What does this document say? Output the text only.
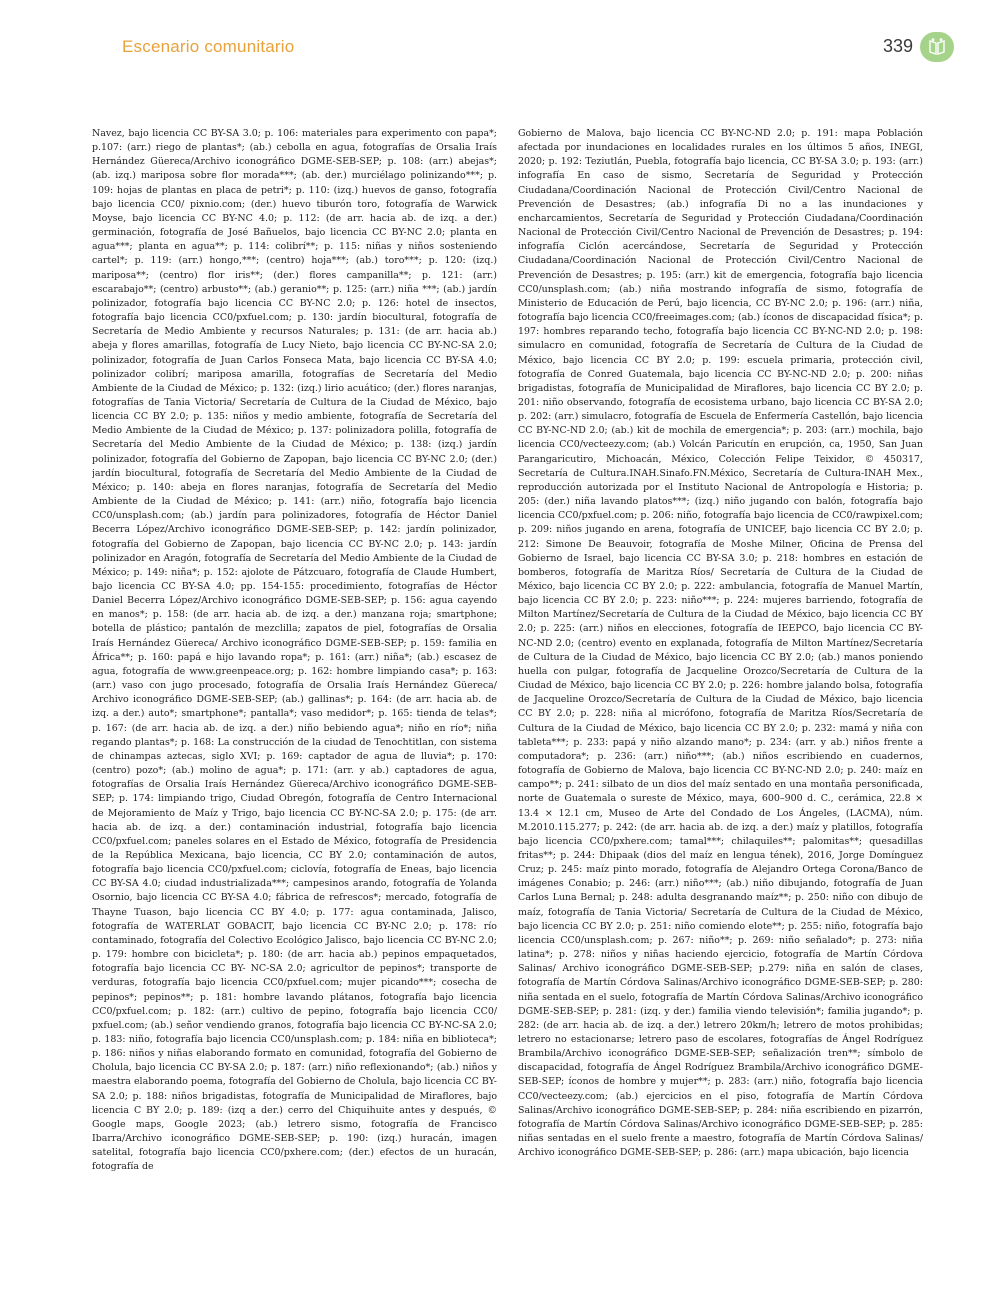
Escenario comunitario	339

Navez, bajo licencia CC BY-SA 3.0; p. 106: materiales para experimento con papa*; p.107: (arr.) riego de plantas*; (ab.) cebolla en agua, fotografías de Orsalia Iraís Hernández Güereca/Archivo iconográfico DGME-SEB-SEP; p. 108: (arr.) abejas*; (ab. izq.) mariposa sobre flor morada***; (ab. der.) murciélago polinizando***; p. 109: hojas de plantas en placa de petri*; p. 110: (izq.) huevos de ganso, fotografía bajo licencia CC0/ pixnio.com; (der.) huevo tiburón toro, fotografía de Warwick Moyse, bajo licencia CC BY-NC 4.0; p. 112: (de arr. hacia ab. de izq. a der.) germinación, fotografía de José Bañuelos, bajo licencia CC BY-NC 2.0; planta en agua***; planta en agua**; p. 114: colibrí**; p. 115: niñas y niños sosteniendo cartel*; p. 119: (arr.) hongo,***; (centro) hoja***; (ab.) toro***; p. 120: (izq.) mariposa**; (centro) flor iris**; (der.) flores campanilla**; p. 121: (arr.) escarabajo**; (centro) arbusto**; (ab.) geranio**; p. 125: (arr.) niña ***; (ab.) jardín polinizador, fotografía bajo licencia CC BY-NC 2.0; p. 126: hotel de insectos, fotografía bajo licencia CC0/pxfuel.com; p. 130: jardín biocultural, fotografía de Secretaría de Medio Ambiente y recursos Naturales; p. 131: (de arr. hacia ab.) abeja y flores amarillas, fotografía de Lucy Nieto, bajo licencia CC BY-NC-SA 2.0; polinizador, fotografía de Juan Carlos Fonseca Mata, bajo licencia CC BY-SA 4.0; polinizador colibrí; mariposa amarilla, fotografías de Secretaría del Medio Ambiente de la Ciudad de México; p. 132: (izq.) lirio acuático; (der.) flores naranjas, fotografías de Tania Victoria/ Secretaría de Cultura de la Ciudad de México, bajo licencia CC BY 2.0; p. 135: niños y medio ambiente, fotografía de Secretaría del Medio Ambiente de la Ciudad de México; p. 137: polinizadora polilla, fotografía de Secretaría del Medio Ambiente de la Ciudad de México; p. 138: (izq.) jardín polinizador, fotografía del Gobierno de Zapopan, bajo licencia CC BY-NC 2.0; (der.) jardín biocultural, fotografía de Secretaría del Medio Ambiente de la Ciudad de México; p. 140: abeja en flores naranjas, fotografía de Secretaría del Medio Ambiente de la Ciudad de México; p. 141: (arr.) niño, fotografía bajo licencia CC0/unsplash.com; (ab.) jardín para polinizadores, fotografía de Héctor Daniel Becerra López/Archivo iconográfico DGME-SEB-SEP; p. 142: jardín polinizador, fotografía del Gobierno de Zapopan, bajo licencia CC BY-NC 2.0; p. 143: jardín polinizador en Aragón, fotografía de Secretaría del Medio Ambiente de la Ciudad de México; p. 149: niña*; p. 152: ajolote de Pátzcuaro, fotografía de Claude Humbert, bajo licencia CC BY-SA 4.0; pp. 154-155: procedimiento, fotografías de Héctor Daniel Becerra López/Archivo iconográfico DGME-SEB-SEP; p. 156: agua cayendo en manos*; p. 158: (de arr. hacia ab. de izq. a der.) manzana roja; smartphone; botella de plástico; pantalón de mezclilla; zapatos de piel, fotografías de Orsalia Iraís Hernández Güereca/ Archivo iconográfico DGME-SEB-SEP; p. 159: familia en África**; p. 160: papá e hijo lavando ropa*; p. 161: (arr.) niña*; (ab.) escasez de agua, fotografía de www.greenpeace.org; p. 162: hombre limpiando casa*; p. 163: (arr.) vaso con jugo procesado, fotografía de Orsalia Iraís Hernández Güereca/ Archivo iconográfico DGME-SEB-SEP; (ab.) gallinas*; p. 164: (de arr. hacia ab. de izq. a der.) auto*; smartphone*; pantalla*; vaso medidor*; p. 165: tienda de telas*; p. 167: (de arr. hacia ab. de izq. a der.) niño bebiendo agua*; niño en río*; niña regando plantas*; p. 168: La construcción de la ciudad de Tenochtitlan, con sistema de chinampas aztecas, siglo XVI; p. 169: captador de agua de lluvia*; p. 170: (centro) pozo*; (ab.) molino de agua*; p. 171: (arr. y ab.) captadores de agua, fotografías de Orsalia Iraís Hernández Güereca/Archivo iconográfico DGME-SEB-SEP; p. 174: limpiando trigo, Ciudad Obregón, fotografía de Centro Internacional de Mejoramiento de Maíz y Trigo, bajo licencia CC BY-NC-SA 2.0; p. 175: (de arr. hacia ab. de izq. a der.) contaminación industrial, fotografía bajo licencia CC0/pxfuel.com; paneles solares en el Estado de México, fotografía de Presidencia de la República Mexicana, bajo licencia, CC BY 2.0; contaminación de autos, fotografía bajo licencia CC0/pxfuel.com; ciclovía, fotografía de Eneas, bajo licencia CC BY-SA 4.0; ciudad industrializada***; campesinos arando, fotografía de Yolanda Osornio, bajo licencia CC BY-SA 4.0; fábrica de refrescos*; mercado, fotografía de Thayne Tuason, bajo licencia CC BY 4.0; p. 177: agua contaminada, Jalisco, fotografía de WATERLAT GOBACIT, bajo licencia CC BY-NC 2.0; p. 178: río contaminado, fotografía del Colectivo Ecológico Jalisco, bajo licencia CC BY-NC 2.0; p. 179: hombre con bicicleta*; p. 180: (de arr. hacia ab.) pepinos empaquetados, fotografía bajo licencia CC BY- NC-SA 2.0; agricultor de pepinos*; transporte de verduras, fotografía bajo licencia CC0/pxfuel.com; mujer picando***; cosecha de pepinos*; pepinos**; p. 181: hombre lavando plátanos, fotografía bajo licencia CC0/pxfuel.com; p. 182: (arr.) cultivo de pepino, fotografía bajo licencia CC0/ pxfuel.com; (ab.) señor vendiendo granos, fotografía bajo licencia CC BY-NC-SA 2.0; p. 183: niño, fotografía bajo licencia CC0/unsplash.com; p. 184: niña en biblioteca*; p. 186: niños y niñas elaborando formato en comunidad, fotografía del Gobierno de Cholula, bajo licencia CC BY-SA 2.0; p. 187: (arr.) niño reflexionando*; (ab.) niños y maestra elaborando poema, fotografía del Gobierno de Cholula, bajo licencia CC BY-SA 2.0; p. 188: niños brigadistas, fotografía de Municipalidad de Miraflores, bajo licencia C BY 2.0; p. 189: (izq a der.) cerro del Chiquihuite antes y después, © Google maps, Google 2023; (ab.) letrero sismo, fotografía de Francisco Ibarra/Archivo iconográfico DGME-SEB-SEP; p. 190: (izq.) huracán, imagen satelital, fotografía bajo licencia CC0/pxhere.com; (der.) efectos de un huracán, fotografía de

Gobierno de Malova, bajo licencia CC BY-NC-ND 2.0; p. 191: mapa Población afectada por inundaciones en localidades rurales en los últimos 5 años, INEGI, 2020; p. 192: Teziutlán, Puebla, fotografía bajo licencia, CC BY-SA 3.0; p. 193: (arr.) infografía En caso de sismo, Secretaría de Seguridad y Protección Ciudadana/Coordinación Nacional de Protección Civil/Centro Nacional de Prevención de Desastres; (ab.) infografía Di no a las inundaciones y encharcamientos, Secretaría de Seguridad y Protección Ciudadana/Coordinación Nacional de Protección Civil/Centro Nacional de Prevención de Desastres; p. 194: infografía Ciclón acercándose, Secretaría de Seguridad y Protección Ciudadana/Coordinación Nacional de Protección Civil/Centro Nacional de Prevención de Desastres; p. 195: (arr.) kit de emergencia, fotografía bajo licencia CC0/unsplash.com; (ab.) niña mostrando infografía de sismo, fotografía de Ministerio de Educación de Perú, bajo licencia, CC BY-NC 2.0; p. 196: (arr.) niña, fotografía bajo licencia CC0/freeimages.com; (ab.) íconos de discapacidad física*; p. 197: hombres reparando techo, fotografía bajo licencia CC BY-NC-ND 2.0; p. 198: simulacro en comunidad, fotografía de Secretaría de Cultura de la Ciudad de México, bajo licencia CC BY 2.0; p. 199: escuela primaria, protección civil, fotografía de Conred Guatemala, bajo licencia CC BY-NC-ND 2.0; p. 200: niñas brigadistas, fotografía de Municipalidad de Miraflores, bajo licencia CC BY 2.0; p. 201: niño observando, fotografía de ecosistema urbano, bajo licencia CC BY-SA 2.0; p. 202: (arr.) simulacro, fotografía de Escuela de Enfermería Castellón, bajo licencia CC BY-NC-ND 2.0; (ab.) kit de mochila de emergencia*; p. 203: (arr.) mochila, bajo licencia CC0/vecteezy.com; (ab.) Volcán Paricutín en erupción, ca, 1950, San Juan Parangaricutiro, Michoacán, México, Colección Felipe Teixidor, © 450317, Secretaría de Cultura.INAH.Sinafo.FN.México, Secretaría de Cultura-INAH Mex., reproducción autorizada por el Instituto Nacional de Antropología e Historia; p. 205: (der.) niña lavando platos***; (izq.) niño jugando con balón, fotografía bajo licencia CC0/pxfuel.com; p. 206: niño, fotografía bajo licencia de CC0/rawpixel.com; p. 209: niños jugando en arena, fotografía de UNICEF, bajo licencia CC BY 2.0; p. 212: Simone De Beauvoir, fotografía de Moshe Milner, Oficina de Prensa del Gobierno de Israel, bajo licencia CC BY-SA 3.0; p. 218: hombres en estación de bomberos, fotografía de Maritza Ríos/ Secretaría de Cultura de la Ciudad de México, bajo licencia CC BY 2.0; p. 222: ambulancia, fotografía de Manuel Martín, bajo licencia CC BY 2.0; p. 223: niño***; p. 224: mujeres barriendo, fotografía de Milton Martínez/Secretaría de Cultura de la Ciudad de México, bajo licencia CC BY 2.0; p. 225: (arr.) niños en elecciones, fotografía de IEEPCO, bajo licencia CC BY-NC-ND 2.0; (centro) evento en explanada, fotografía de Milton Martínez/Secretaría de Cultura de la Ciudad de México, bajo licencia CC BY 2.0; (ab.) manos poniendo huella con pulgar, fotografía de Jacqueline Orozco/Secretaría de Cultura de la Ciudad de México, bajo licencia CC BY 2.0; p. 226: hombre jalando bolsa, fotografía de Jacqueline Orozco/Secretaría de Cultura de la Ciudad de México, bajo licencia CC BY 2.0; p. 228: niña al micrófono, fotografía de Maritza Ríos/Secretaría de Cultura de la Ciudad de México, bajo licencia CC BY 2.0; p. 232: mamá y niña con tableta***; p. 233: papá y niño alzando mano*; p. 234: (arr. y ab.) niños frente a computadora*; p. 236: (arr.) niño***; (ab.) niños escribiendo en cuadernos, fotografía de Gobierno de Malova, bajo licencia CC BY-NC-ND 2.0; p. 240: maíz en campo**; p. 241: silbato de un dios del maíz sentado en una montaña personificada, norte de Guatemala o sureste de México, maya, 600–900 d. C., cerámica, 22.8 × 13.4 × 12.1 cm, Museo de Arte del Condado de Los Ángeles, (LACMA), núm. M.2010.115.277; p. 242: (de arr. hacia ab. de izq. a der.) maíz y platillos, fotografía bajo licencia CC0/pxhere.com; tamal***; chilaquiles**; palomitas**; quesadillas fritas**; p. 244: Dhipaak (dios del maíz en lengua tének), 2016, Jorge Domínguez Cruz; p. 245: maíz pinto morado, fotografía de Alejandro Ortega Corona/Banco de imágenes Conabio; p. 246: (arr.) niño***; (ab.) niño dibujando, fotografía de Juan Carlos Luna Bernal; p. 248: adulta desgranando maíz**; p. 250: niño con dibujo de maíz, fotografía de Tania Victoria/ Secretaría de Cultura de la Ciudad de México, bajo licencia CC BY 2.0; p. 251: niño comiendo elote**; p. 255: niño, fotografía bajo licencia CC0/unsplash.com; p. 267: niño**; p. 269: niño señalado*; p. 273: niña latina*; p. 278: niños y niñas haciendo ejercicio, fotografía de Martín Córdova Salinas/ Archivo iconográfico DGME-SEB-SEP; p.279: niña en salón de clases, fotografía de Martín Córdova Salinas/Archivo iconográfico DGME-SEB-SEP; p. 280: niña sentada en el suelo, fotografía de Martín Córdova Salinas/Archivo iconográfico DGME-SEB-SEP; p. 281: (izq. y der.) familia viendo televisión*; familia jugando*; p. 282: (de arr. hacia ab. de izq. a der.) letrero 20km/h; letrero de motos prohibidas; letrero no estacionarse; letrero paso de escolares, fotografías de Ángel Rodríguez Brambila/Archivo iconográfico DGME-SEB-SEP; señalización tren**; símbolo de discapacidad, fotografía de Ángel Rodríguez Brambila/Archivo iconográfico DGME-SEB-SEP; íconos de hombre y mujer**; p. 283: (arr.) niño, fotografía bajo licencia CC0/vecteezy.com; (ab.) ejercicios en el piso, fotografía de Martín Córdova Salinas/Archivo iconográfico DGME-SEB-SEP; p. 284: niña escribiendo en pizarrón, fotografía de Martín Córdova Salinas/Archivo iconográfico DGME-SEB-SEP; p. 285: niñas sentadas en el suelo frente a maestro, fotografía de Martín Córdova Salinas/ Archivo iconográfico DGME-SEB-SEP; p. 286: (arr.) mapa ubicación, bajo licencia
